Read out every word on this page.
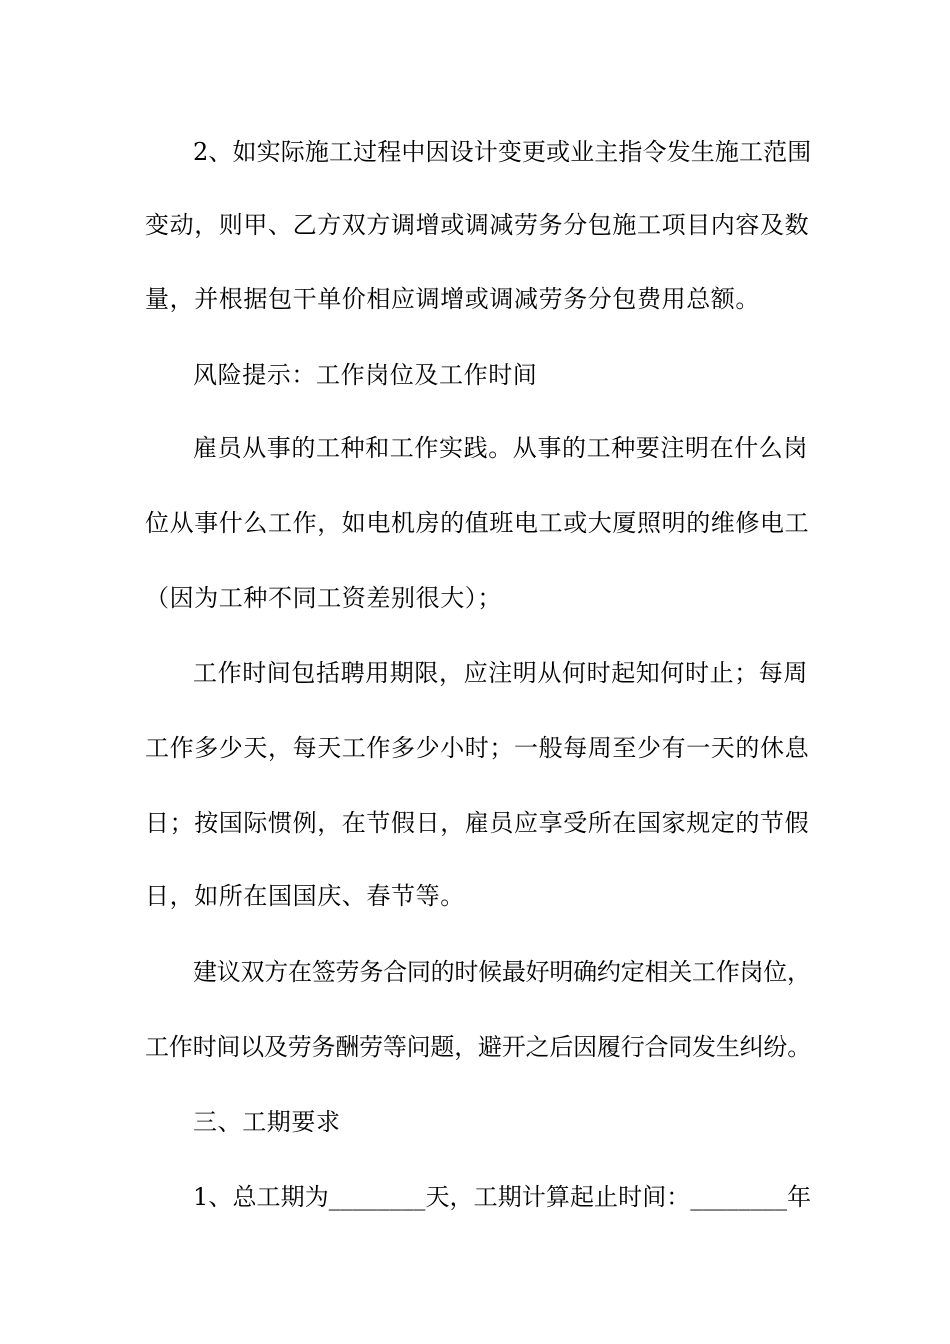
2、如实际施工过程中因设计变更或业主指令发生施工范围
变动，则甲、乙方双方调增或调减劳务分包施工项目内容及数
量，并根据包干单价相应调增或调减劳务分包费用总额。
风险提示：工作岗位及工作时间
雇员从事的工种和工作实践。从事的工种要注明在什么岗
位从事什么工作，如电机房的值班电工或大厦照明的维修电工
（因为工种不同工资差别很大）；
工作时间包括聘用期限，应注明从何时起知何时止；每周
工作多少天，每天工作多少小时；一般每周至少有一天的休息
日；按国际惯例，在节假日，雇员应享受所在国家规定的节假
日，如所在国国庆、春节等。
建议双方在签劳务合同的时候最好明确约定相关工作岗位，
工作时间以及劳务酬劳等问题，避开之后因履行合同发生纠纷。
三、工期要求
1、总工期为________天，工期计算起止时间：________年
